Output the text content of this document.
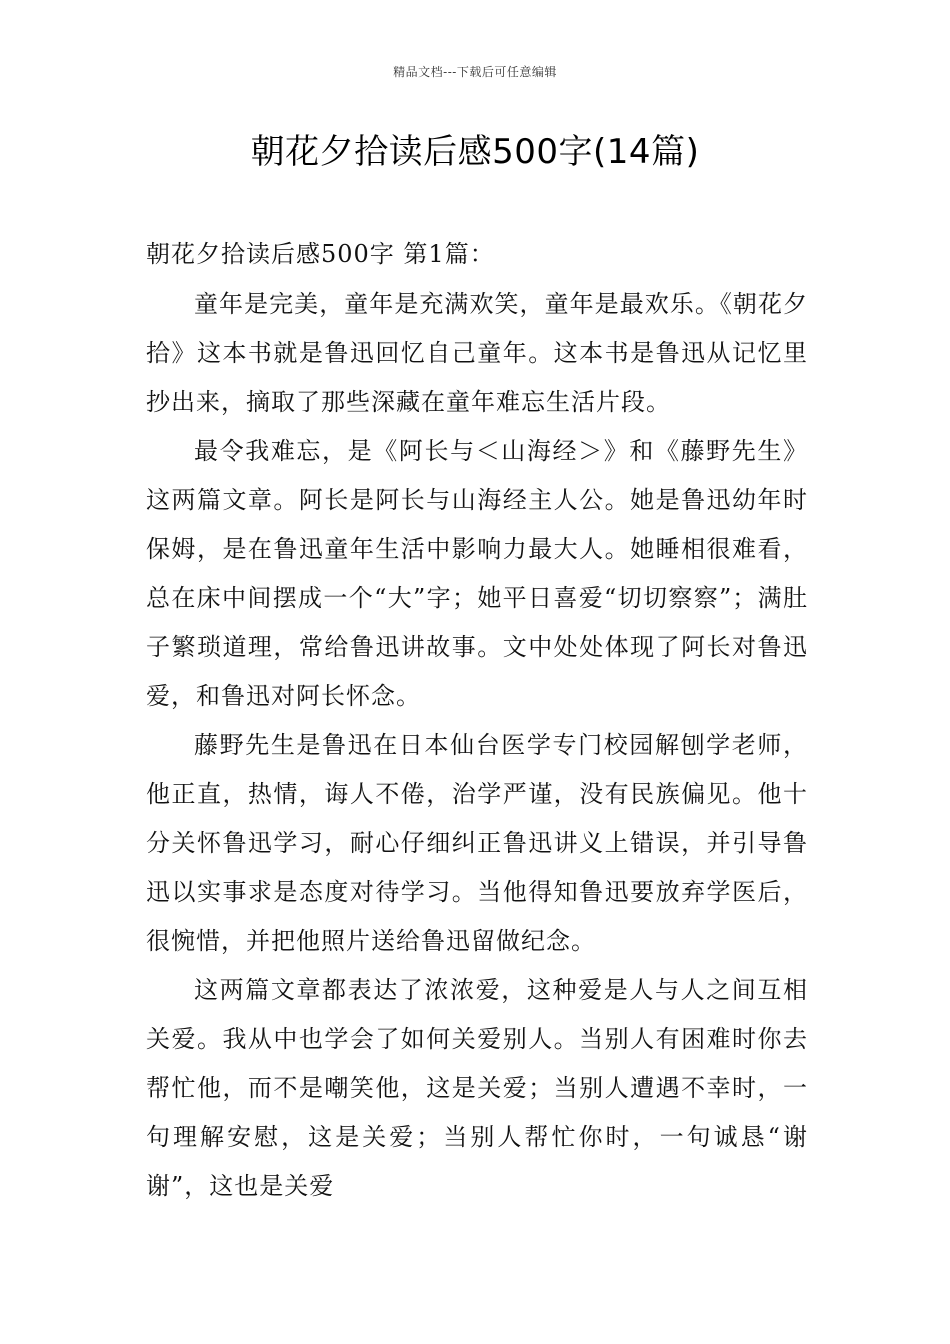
精品文档---下载后可任意编辑
朝花夕拾读后感500字(14篇)
朝花夕拾读后感500字 第1篇：

童年是完美，童年是充满欢笑，童年是最欢乐。《朝花夕拾》这本书就是鲁迅回忆自己童年。这本书是鲁迅从记忆里抄出来，摘取了那些深藏在童年难忘生活片段。

最令我难忘，是《阿长与＜山海经＞》和《藤野先生》这两篇文章。阿长是阿长与山海经主人公。她是鲁迅幼年时保姆，是在鲁迅童年生活中影响力最大人。她睡相很难看，总在床中间摆成一个“大”字；她平日喜爱“切切察察”；满肚子繁琐道理，常给鲁迅讲故事。文中处处体现了阿长对鲁迅爱，和鲁迅对阿长怀念。

藤野先生是鲁迅在日本仙台医学专门校园解刨学老师，他正直，热情，诲人不倦，治学严谨，没有民族偏见。他十分关怀鲁迅学习，耐心仔细纠正鲁迅讲义上错误，并引导鲁迅以实事求是态度对待学习。当他得知鲁迅要放弃学医后，很惋惜，并把他照片送给鲁迅留做纪念。

这两篇文章都表达了浓浓爱，这种爱是人与人之间互相关爱。我从中也学会了如何关爱别人。当别人有困难时你去帮忙他，而不是嘲笑他，这是关爱；当别人遭遇不幸时，一句理解安慰，这是关爱；当别人帮忙你时，一句诚恳“谢谢”，这也是关爱
